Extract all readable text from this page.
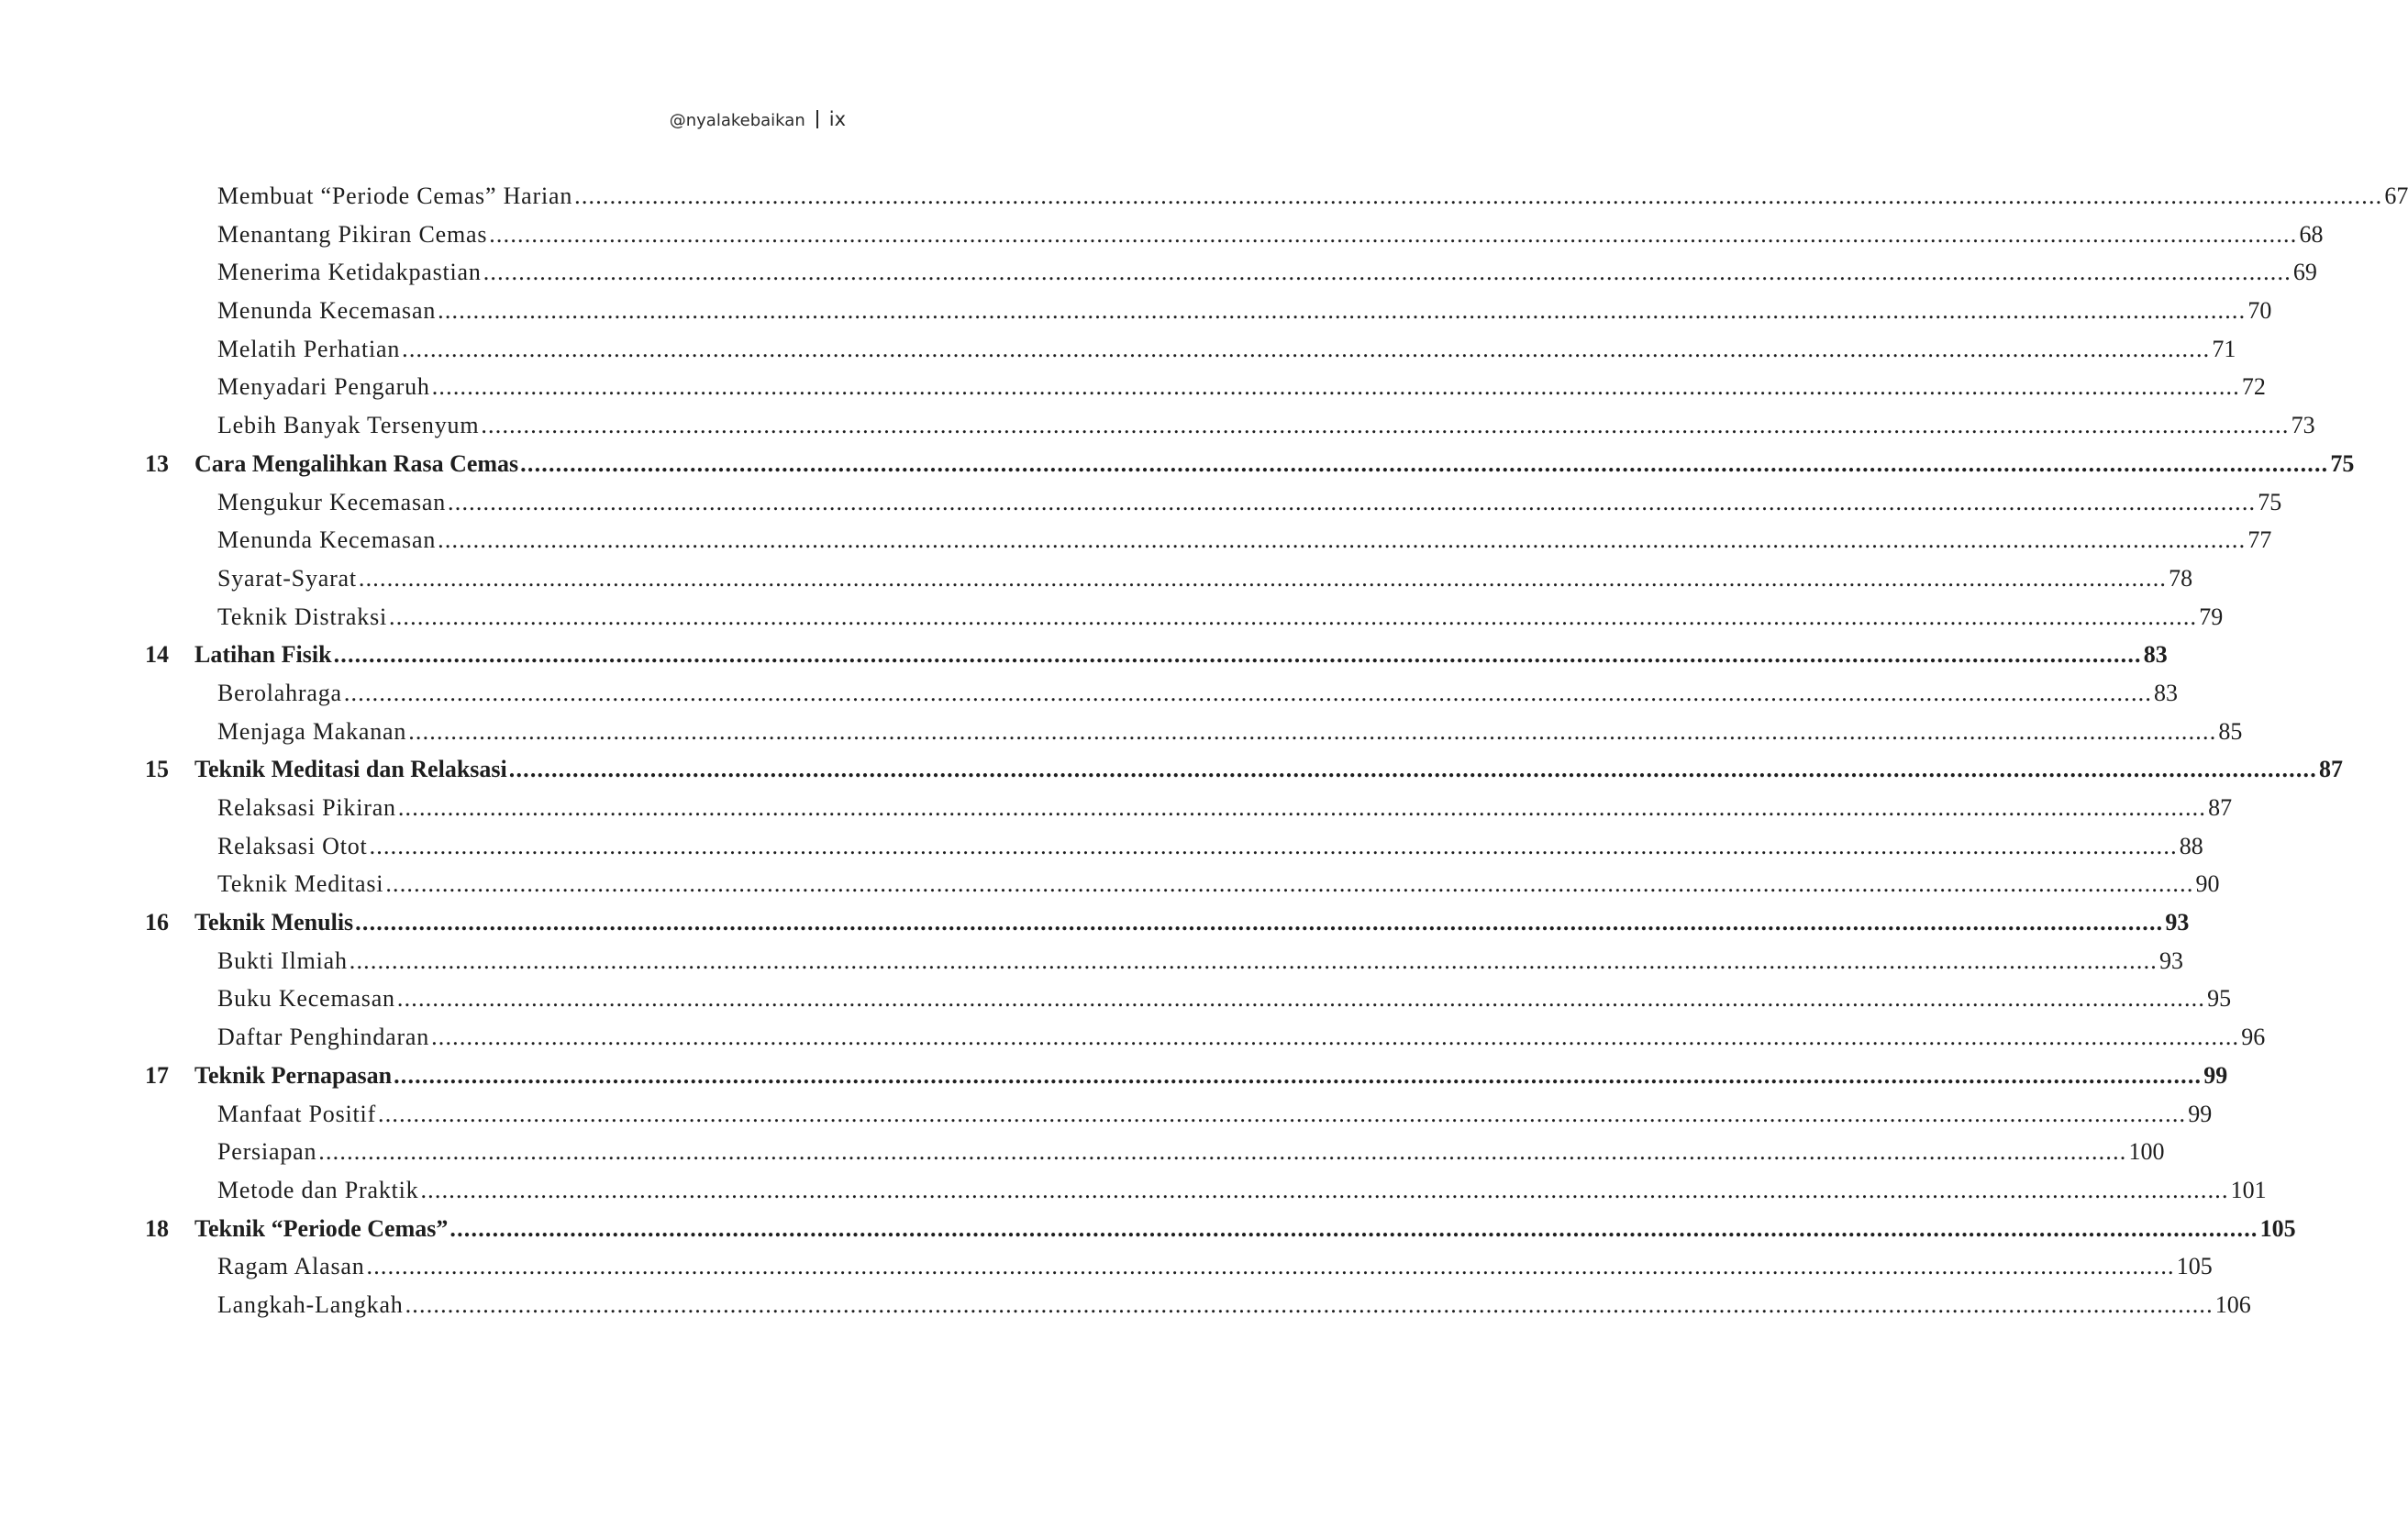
@nyalakebaikan ix
Membuat “Periode Cemas” Harian ................................................................................................................................................................................................................................................................ 67
Menantang Pikiran Cemas ................................................................................................................................................................................................................................................................ 68
Menerima Ketidakpastian ................................................................................................................................................................................................................................................................ 69
Menunda Kecemasan ................................................................................................................................................................................................................................................................ 70
Melatih Perhatian ................................................................................................................................................................................................................................................................ 71
Menyadari Pengaruh ................................................................................................................................................................................................................................................................ 72
Lebih Banyak Tersenyum ................................................................................................................................................................................................................................................................ 73
13 Cara Mengalihkan Rasa Cemas ................................................................................................................................................................................................................................................................ 75
Mengukur Kecemasan ................................................................................................................................................................................................................................................................ 75
Menunda Kecemasan ................................................................................................................................................................................................................................................................ 77
Syarat-Syarat ................................................................................................................................................................................................................................................................ 78
Teknik Distraksi ................................................................................................................................................................................................................................................................ 79
14 Latihan Fisik ................................................................................................................................................................................................................................................................ 83
Berolahraga ................................................................................................................................................................................................................................................................ 83
Menjaga Makanan ................................................................................................................................................................................................................................................................ 85
15 Teknik Meditasi dan Relaksasi ................................................................................................................................................................................................................................................................ 87
Relaksasi Pikiran ................................................................................................................................................................................................................................................................ 87
Relaksasi Otot ................................................................................................................................................................................................................................................................ 88
Teknik Meditasi ................................................................................................................................................................................................................................................................ 90
16 Teknik Menulis ................................................................................................................................................................................................................................................................ 93
Bukti Ilmiah ................................................................................................................................................................................................................................................................ 93
Buku Kecemasan ................................................................................................................................................................................................................................................................ 95
Daftar Penghindaran ................................................................................................................................................................................................................................................................ 96
17 Teknik Pernapasan ................................................................................................................................................................................................................................................................ 99
Manfaat Positif ................................................................................................................................................................................................................................................................ 99
Persiapan ................................................................................................................................................................................................................................................................ 100
Metode dan Praktik ................................................................................................................................................................................................................................................................ 101
18 Teknik “Periode Cemas” ................................................................................................................................................................................................................................................................ 105
Ragam Alasan ................................................................................................................................................................................................................................................................ 105
Langkah-Langkah ................................................................................................................................................................................................................................................................ 106
